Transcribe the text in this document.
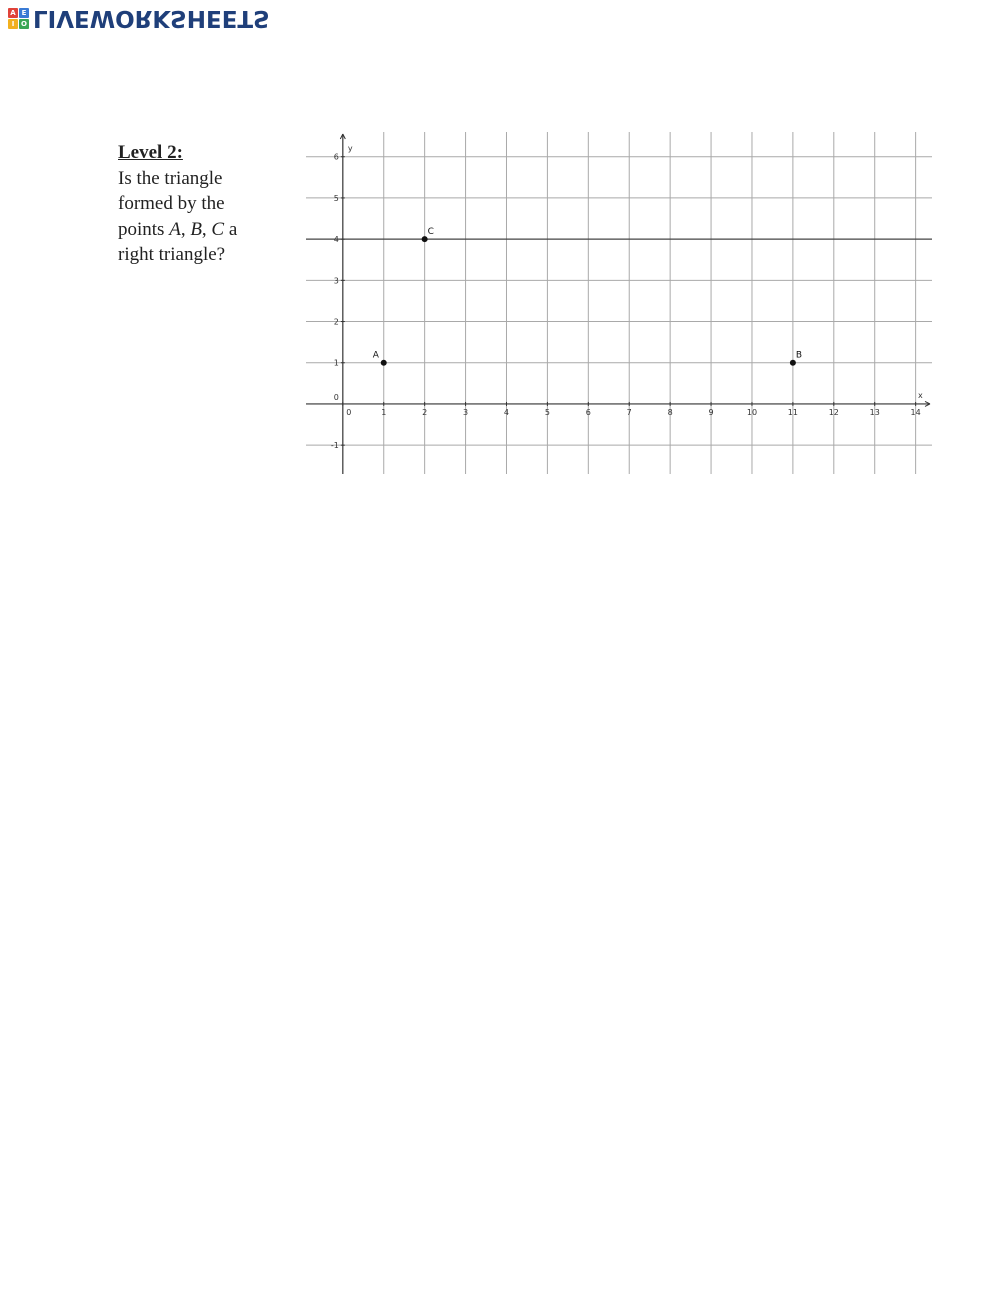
A E
I O LIVEWORKSHEETS
Level 2:
Is the triangle formed by the points A, B, C a right triangle?
x
y
0	1	2	3	4	5	6	7	8	9	10	11	12	13	14
-1
1
2
3
4
5
6
0
A	B
C
